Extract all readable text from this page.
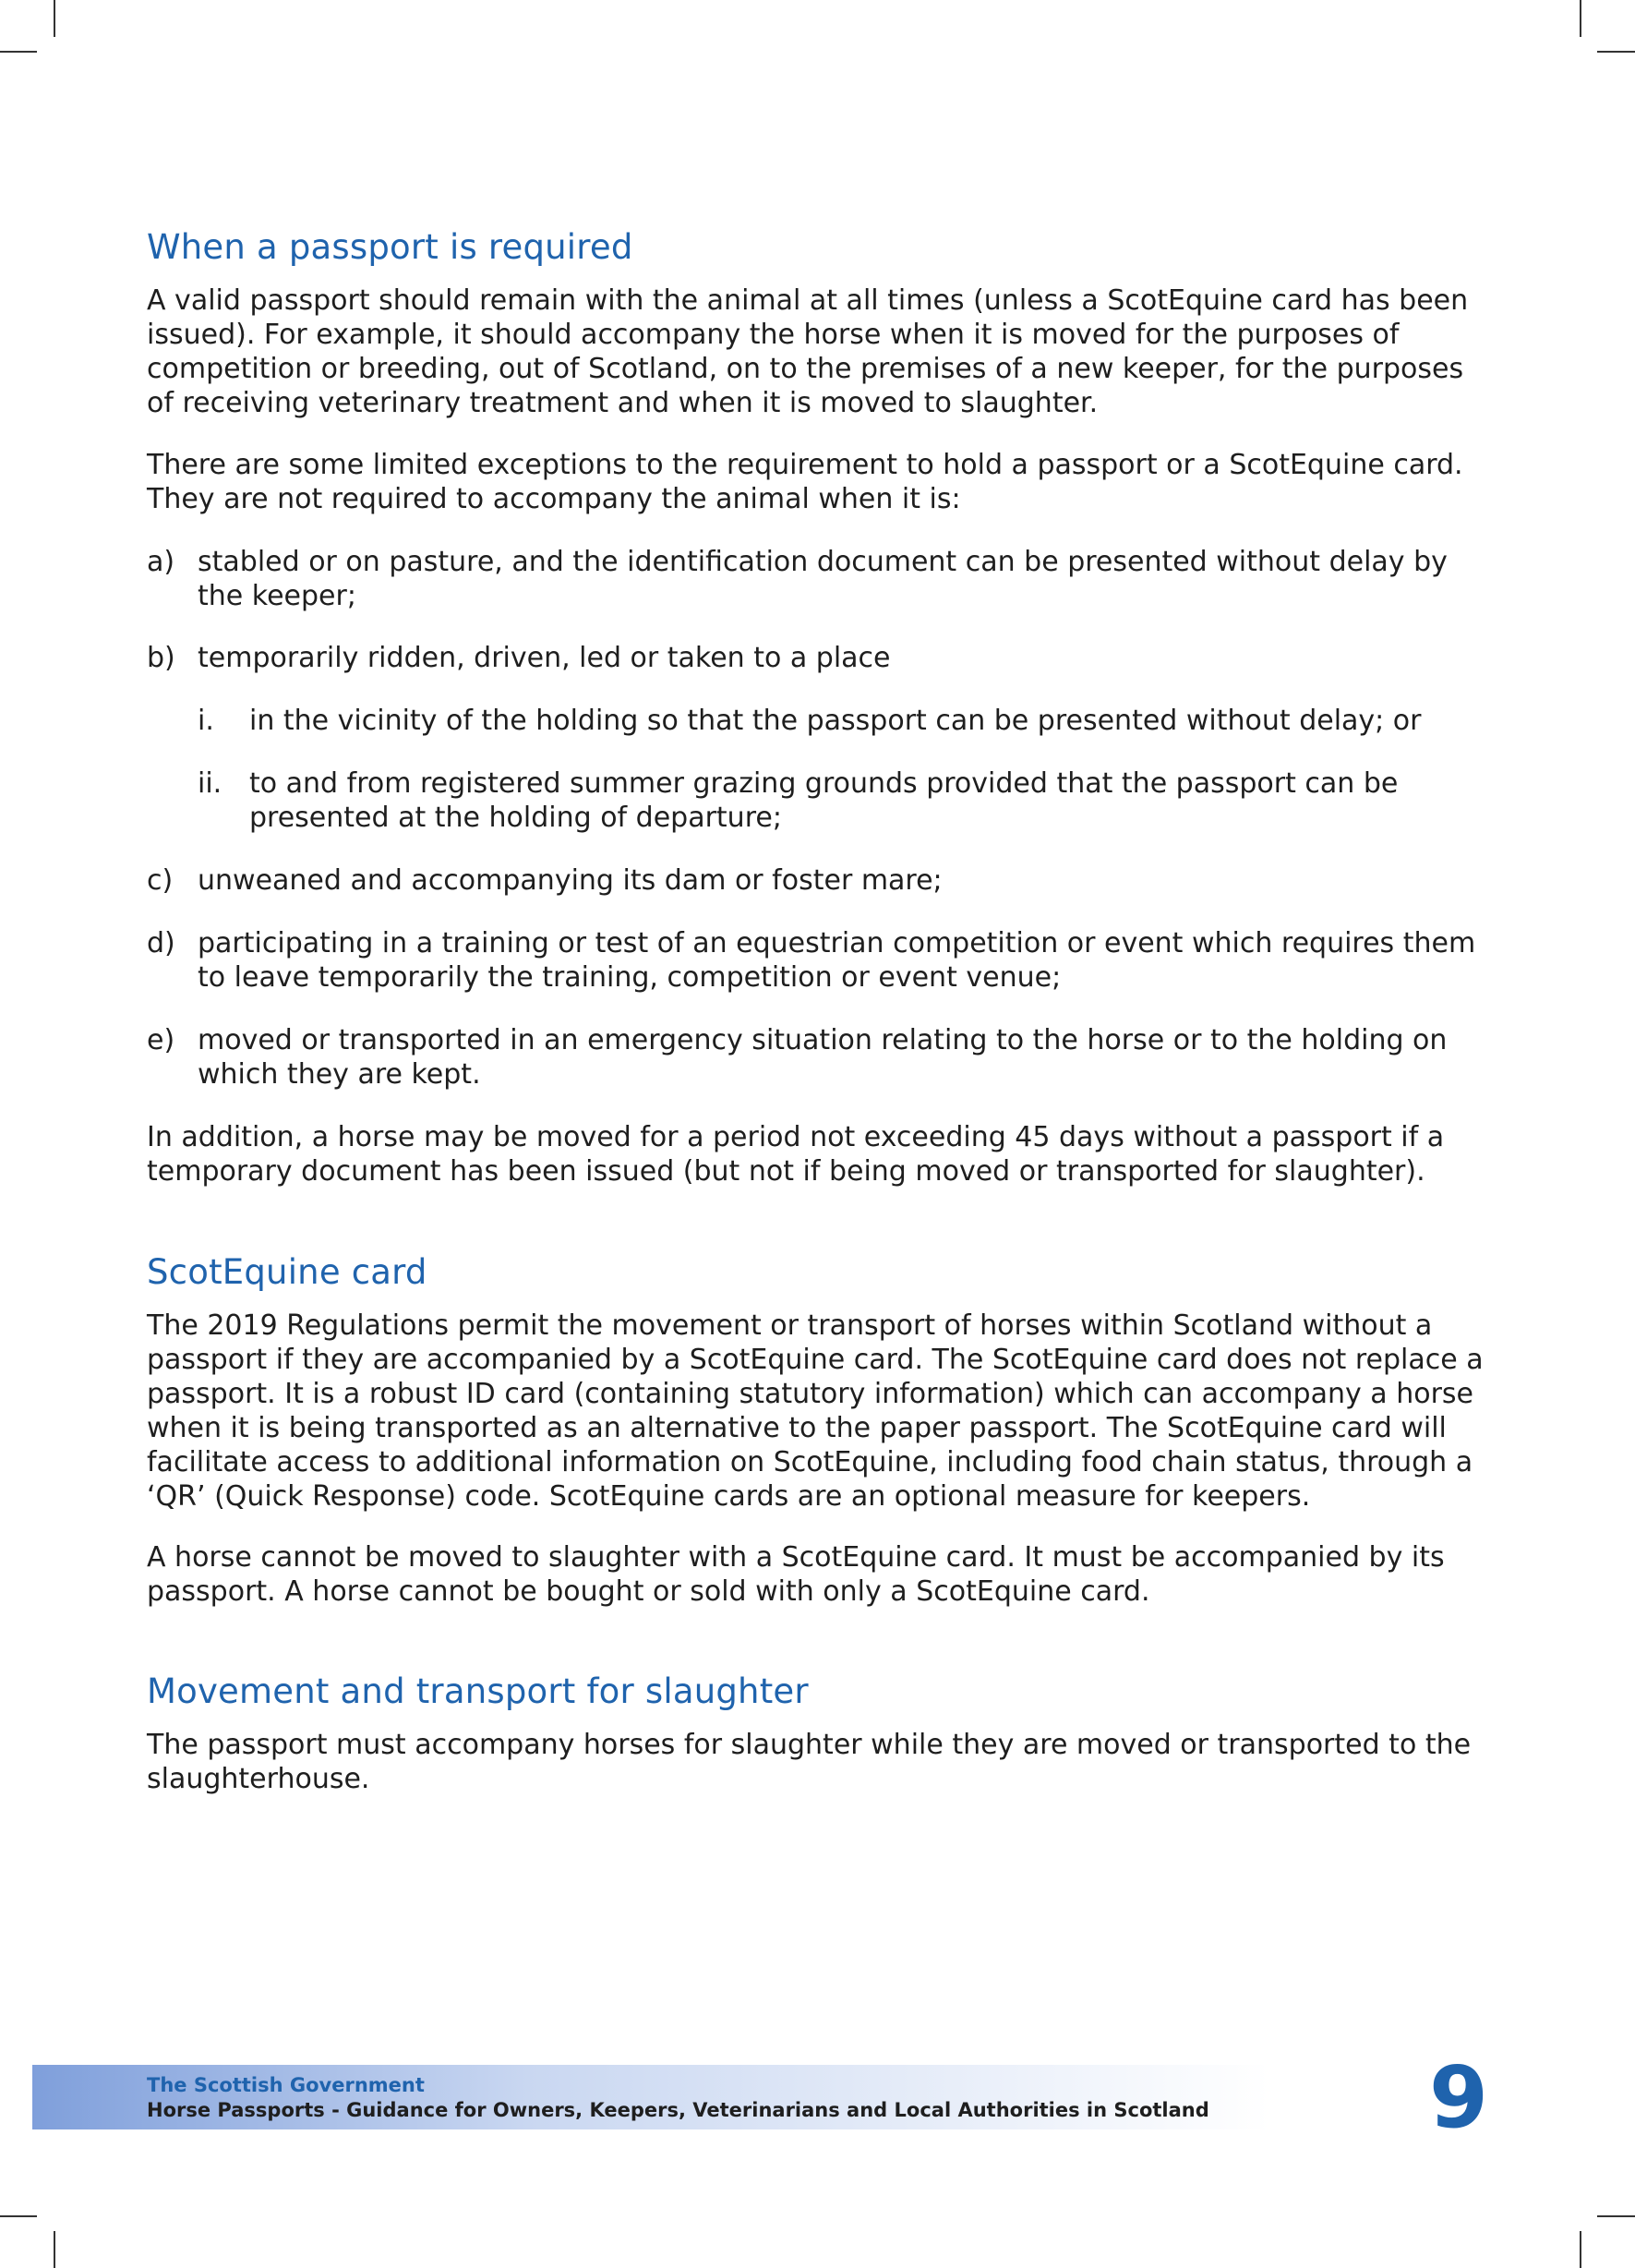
When a passport is required

A valid passport should remain with the animal at all times (unless a ScotEquine card has been issued). For example, it should accompany the horse when it is moved for the purposes of competition or breeding, out of Scotland, on to the premises of a new keeper, for the purposes of receiving veterinary treatment and when it is moved to slaughter.

There are some limited exceptions to the requirement to hold a passport or a ScotEquine card. They are not required to accompany the animal when it is:

a) stabled or on pasture, and the identification document can be presented without delay by the keeper;
b) temporarily ridden, driven, led or taken to a place
i.	in the vicinity of the holding so that the passport can be presented without delay; or
ii. to and from registered summer grazing grounds provided that the passport can be presented at the holding of departure;
c) unweaned and accompanying its dam or foster mare;
d) participating in a training or test of an equestrian competition or event which requires them to leave temporarily the training, competition or event venue;
e) moved or transported in an emergency situation relating to the horse or to the holding on which they are kept.

In addition, a horse may be moved for a period not exceeding 45 days without a passport if a temporary document has been issued (but not if being moved or transported for slaughter).

ScotEquine card

The 2019 Regulations permit the movement or transport of horses within Scotland without a passport if they are accompanied by a ScotEquine card. The ScotEquine card does not replace a passport. It is a robust ID card (containing statutory information) which can accompany a horse when it is being transported as an alternative to the paper passport. The ScotEquine card will facilitate access to additional information on ScotEquine, including food chain status, through a ‘QR’ (Quick Response) code. ScotEquine cards are an optional measure for keepers.

A horse cannot be moved to slaughter with a ScotEquine card. It must be accompanied by its passport. A horse cannot be bought or sold with only a ScotEquine card.

Movement and transport for slaughter

The passport must accompany horses for slaughter while they are moved or transported to the slaughterhouse.

The Scottish Government
Horse Passports - Guidance for Owners, Keepers, Veterinarians and Local Authorities in Scotland	9
